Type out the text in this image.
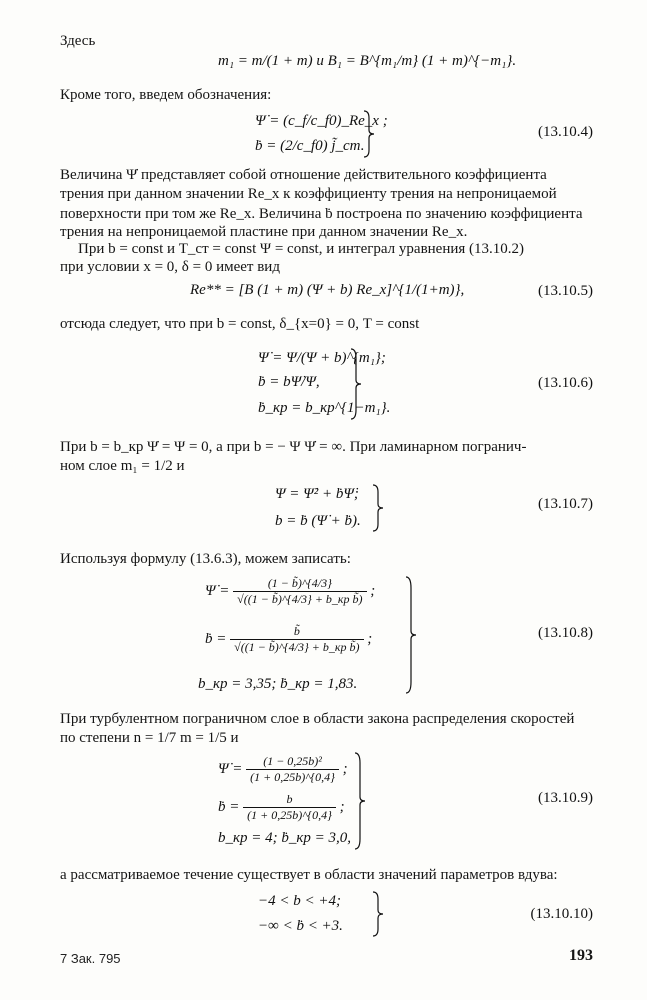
Здесь
m₁ = m/(1 + m) и B₁ = B^{m₁/m} (1 + m)^{−m₁}.
Кроме того, введем обозначения:
Ψ̇ = (c_f/c_f0)_Re_x ;
ḃ = (2/c_f0) j̃_ст.
(13.10.4)
Величина Ψ̇ представляет собой отношение действительного коэффициента
трения при данном значении Re_x к коэффициенту трения на непроницаемой
поверхности при том же Re_x. Величина ḃ построена по значению коэффициента
трения на непроницаемой пластине при данном значении Re_x.
При b = const и T_ст = const Ψ = const, и интеграл уравнения (13.10.2)
при условии x = 0, δ = 0 имеет вид
Re** = [B (1 + m) (Ψ + b) Re_x]^{1/(1+m)},	(13.10.5)
отсюда следует, что при b = const, δ_{x=0} = 0, T = const
Ψ̇ = Ψ/(Ψ + b)^{m₁};
ḃ = bΨ̇/Ψ,
ḃ_кр = b_кр^{1−m₁}.
(13.10.6)
При b = b_кр Ψ̇ = Ψ = 0, а при b = − Ψ Ψ̇ = ∞. При ламинарном погранич-
ном слое m₁ = 1/2 и
Ψ = Ψ̇² + ḃΨ̇;
b = ḃ (Ψ̇ + ḃ).
(13.10.7)
Используя формулу (13.6.3), можем записать:
Ψ̇ = $\frac{(1 - b̃)\^{}\{4/3\}}{\text{√((1 − b̃)\textasciicircum{}\{4/3\} + b\_кр b̃)}}$ ;
ḃ = $\frac{b̃}{\text{√((1 − b̃)\textasciicircum{}\{4/3\} + b\_кр b̃)}}$ ;
b_кр = 3,35; ḃ_кр = 1,83.
(13.10.8)
При турбулентном пограничном слое в области закона распределения скоростей
по степени n = 1/7 m = 1/5 и
Ψ̇ = $\frac{\text{(1 − 0,25b)²}}{(1 + 0,25b)\^{}\{0,4\}}$ ;
ḃ = $\frac{b}{(1 + 0,25b)\^{}\{0,4\}}$ ;
b_кр = 4; ḃ_кр = 3,0,
(13.10.9)
а рассматриваемое течение существует в области значений параметров вдува:
−4 < b < +4;
−∞ < ḃ < +3.
(13.10.10)
7 Зак. 795	193
